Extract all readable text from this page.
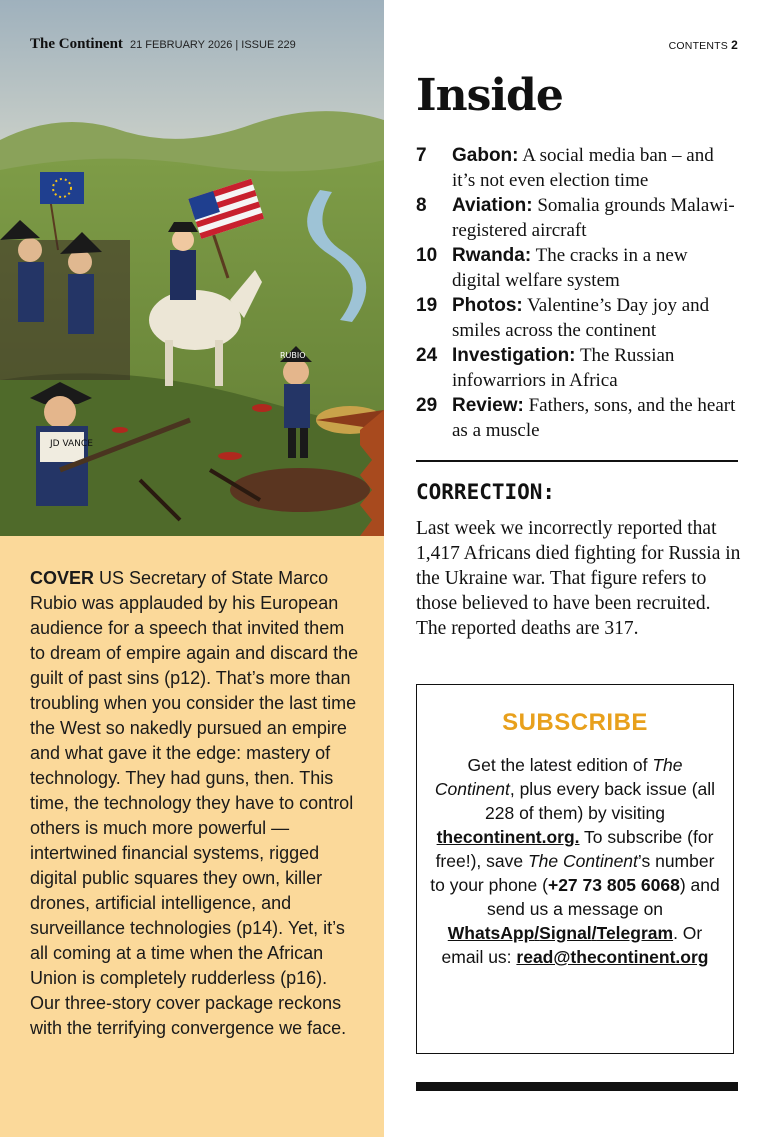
JD VANCE
RUBIO
The Continent 21 FEBRUARY 2026 | ISSUE 229
COVER US Secretary of State Marco Rubio was applauded by his European audience for a speech that invited them to dream of empire again and discard the guilt of past sins (p12). That’s more than troubling when you consider the last time the West so nakedly pursued an empire and what gave it the edge: mastery of technology. They had guns, then. This time, the technology they have to control others is much more powerful — intertwined financial systems, rigged digital public squares they own, killer drones, artificial intelligence, and surveillance technologies (p14). Yet, it’s all coming at a time when the African Union is completely rudderless (p16). Our three-story cover package reckons with the terrifying convergence we face.
CONTENTS 2
Inside
7	Gabon: A social media ban – and it’s not even election time
8	Aviation: Somalia grounds Malawi-registered aircraft
10 Rwanda: The cracks in a new digital welfare system
19 Photos: Valentine’s Day joy and smiles across the continent
24 Investigation: The Russian infowarriors in Africa
29 Review: Fathers, sons, and the heart as a muscle
CORRECTION:

Last week we incorrectly reported that 1,417 Africans died fighting for Russia in the Ukraine war. That figure refers to those believed to have been recruited. The reported deaths are 317.

SUBSCRIBE
Get the latest edition of The Continent, plus every back issue (all 228 of them) by visiting thecontinent.org. To subscribe (for free!), save The Continent’s number to your phone (+27 73 805 6068) and send us a message on WhatsApp/Signal/Telegram. Or email us: read@thecontinent.org
